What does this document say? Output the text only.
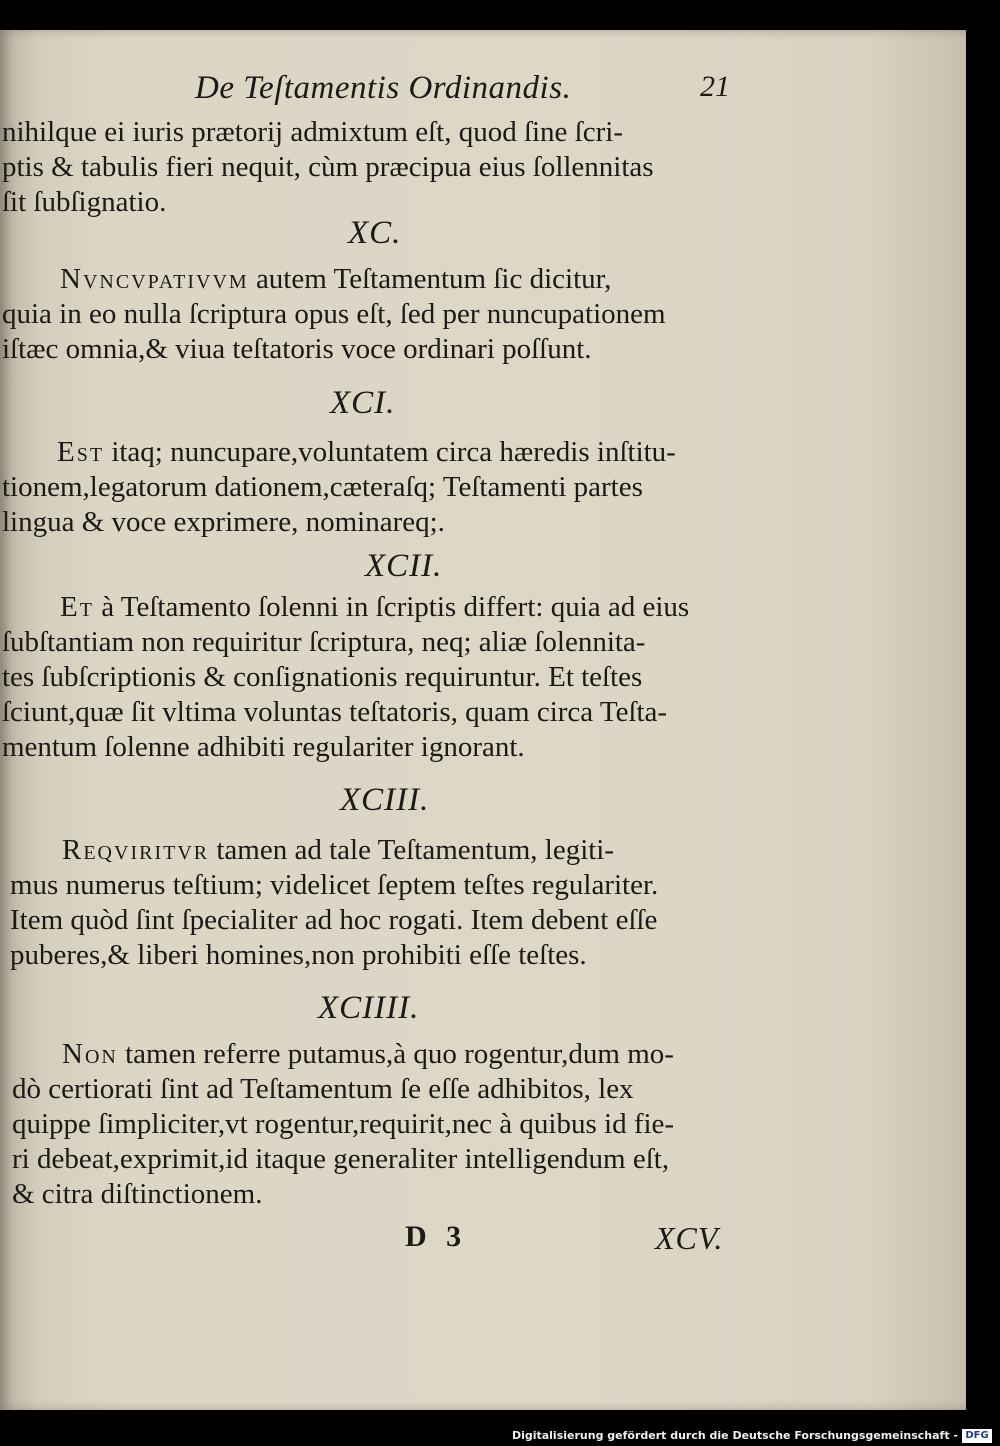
De Teſtamentis Ordinandis.	21
nihilque ei iuris prætorij admixtum eſt, quod ſine ſcri-
ptis & tabulis fieri nequit, cùm præcipua eius ſollennitas
ſit ſubſignatio.
XC.
Nvncvpativvm autem Teſtamentum ſic dicitur,
quia in eo nulla ſcriptura opus eſt, ſed per nuncupationem
iſtæc omnia,& viua teſtatoris voce ordinari poſſunt.
XCI.
Est itaq; nuncupare,voluntatem circa hæredis inſtitu-
tionem,legatorum dationem,cæteraſq; Teſtamenti partes
lingua & voce exprimere, nominareq;.
XCII.
Et à Teſtamento ſolenni in ſcriptis differt: quia ad eius
ſubſtantiam non requiritur ſcriptura, neq; aliæ ſolennita-
tes ſubſcriptionis & conſignationis requiruntur. Et teſtes
ſciunt,quæ ſit vltima voluntas teſtatoris, quam circa Teſta-
mentum ſolenne adhibiti regulariter ignorant.
XCIII.
Reqviritvr tamen ad tale Teſtamentum, legiti-
mus numerus teſtium; videlicet ſeptem teſtes regulariter.
Item quòd ſint ſpecialiter ad hoc rogati. Item debent eſſe
puberes,& liberi homines,non prohibiti eſſe teſtes.
XCIIII.
Non tamen referre putamus,à quo rogentur,dum mo-
dò certiorati ſint ad Teſtamentum ſe eſſe adhibitos, lex
quippe ſimpliciter,vt rogentur,requirit,nec à quibus id fie-
ri debeat,exprimit,id itaque generaliter intelligendum eſt,
& citra diſtinctionem.
D 3	XCV.
Digitalisierung gefördert durch die Deutsche Forschungsgemeinschaft - DFG
